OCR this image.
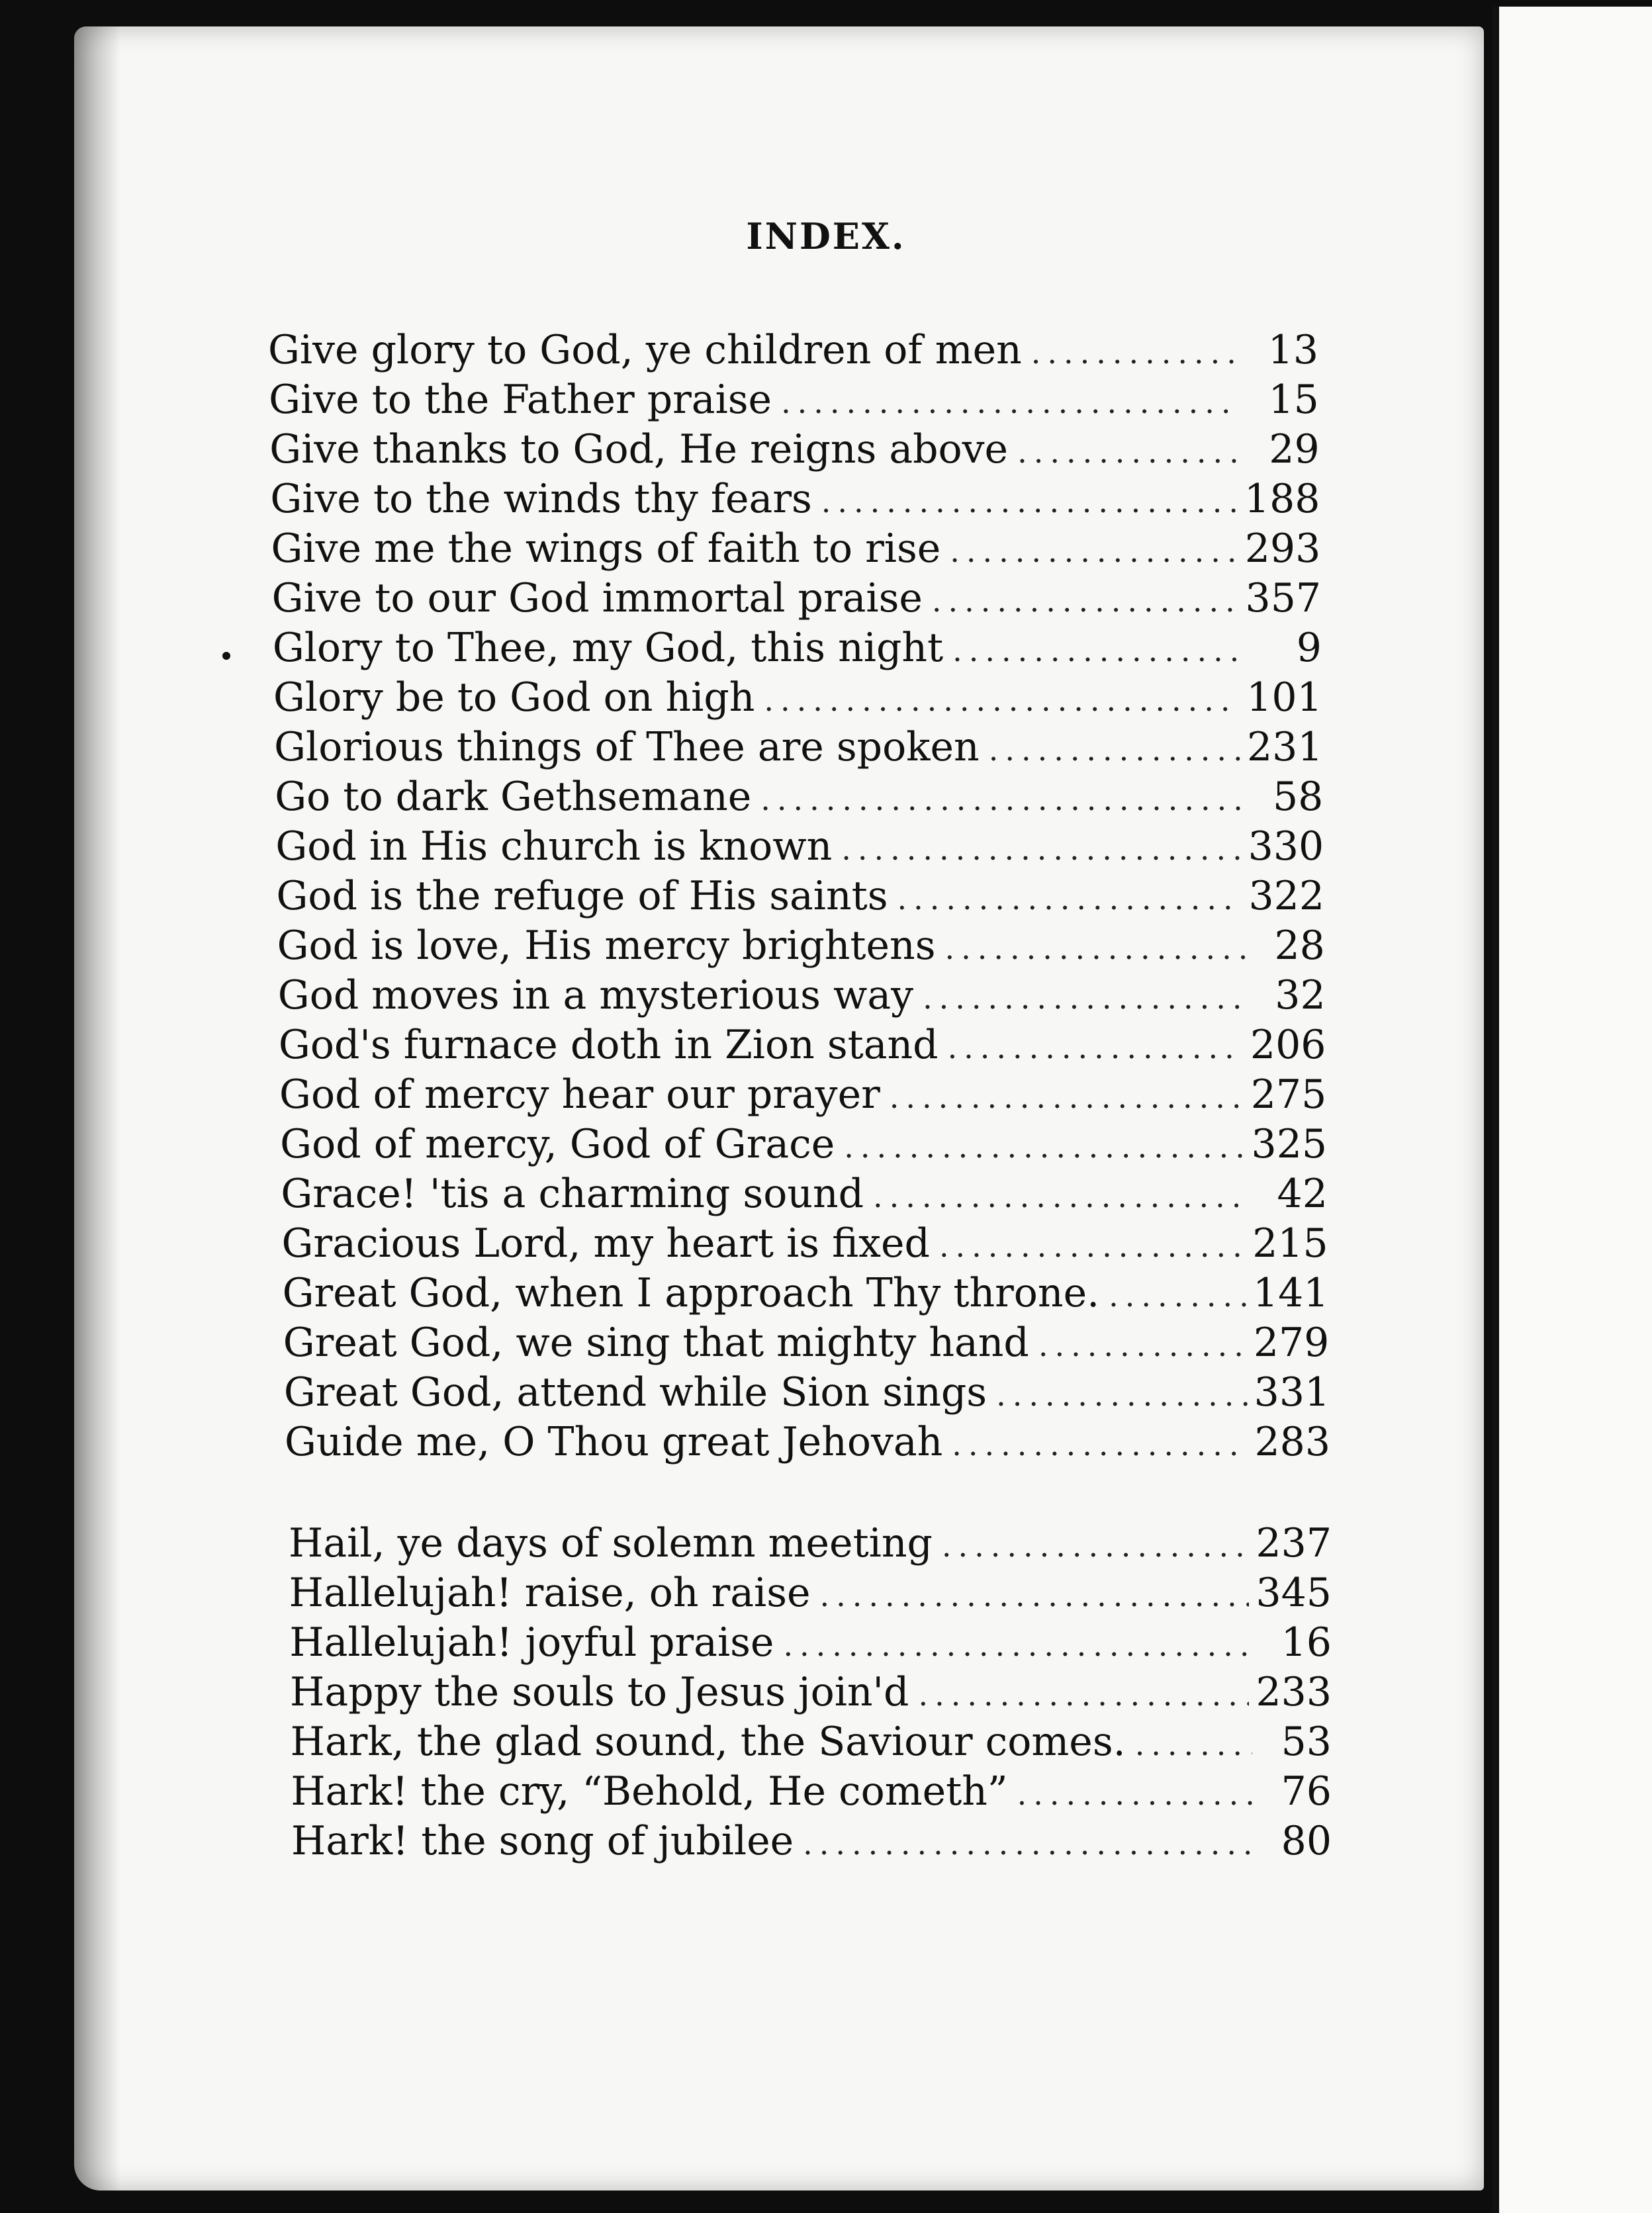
INDEX.
Give glory to God, ye children of men .....	13
Give to the Father praise .....	15
Give thanks to God, He reigns above .....	29
Give to the winds thy fears .....	188
Give me the wings of faith to rise .....	293
Give to our God immortal praise .....	357
Glory to Thee, my God, this night .....	9
Glory be to God on high .....	101
Glorious things of Thee are spoken .....	231
Go to dark Gethsemane .....	58
God in His church is known .....	330
God is the refuge of His saints .....	322
God is love, His mercy brightens .....	28
God moves in a mysterious way .....	32
God's furnace doth in Zion stand .....	206
God of mercy hear our prayer .....	275
God of mercy, God of Grace .....	325
Grace! 'tis a charming sound .....	42
Gracious Lord, my heart is fixed .....	215
Great God, when I approach Thy throne. .....	141
Great God, we sing that mighty hand .....	279
Great God, attend while Sion sings .....	331
Guide me, O Thou great Jehovah .....	283
Hail, ye days of solemn meeting .....	237
Hallelujah! raise, oh raise .....	345
Hallelujah! joyful praise .....	16
Happy the souls to Jesus join'd .....	233
Hark, the glad sound, the Saviour comes. .....	53
Hark! the cry, “Behold, He cometh” .....	76
Hark! the song of jubilee .....	80
